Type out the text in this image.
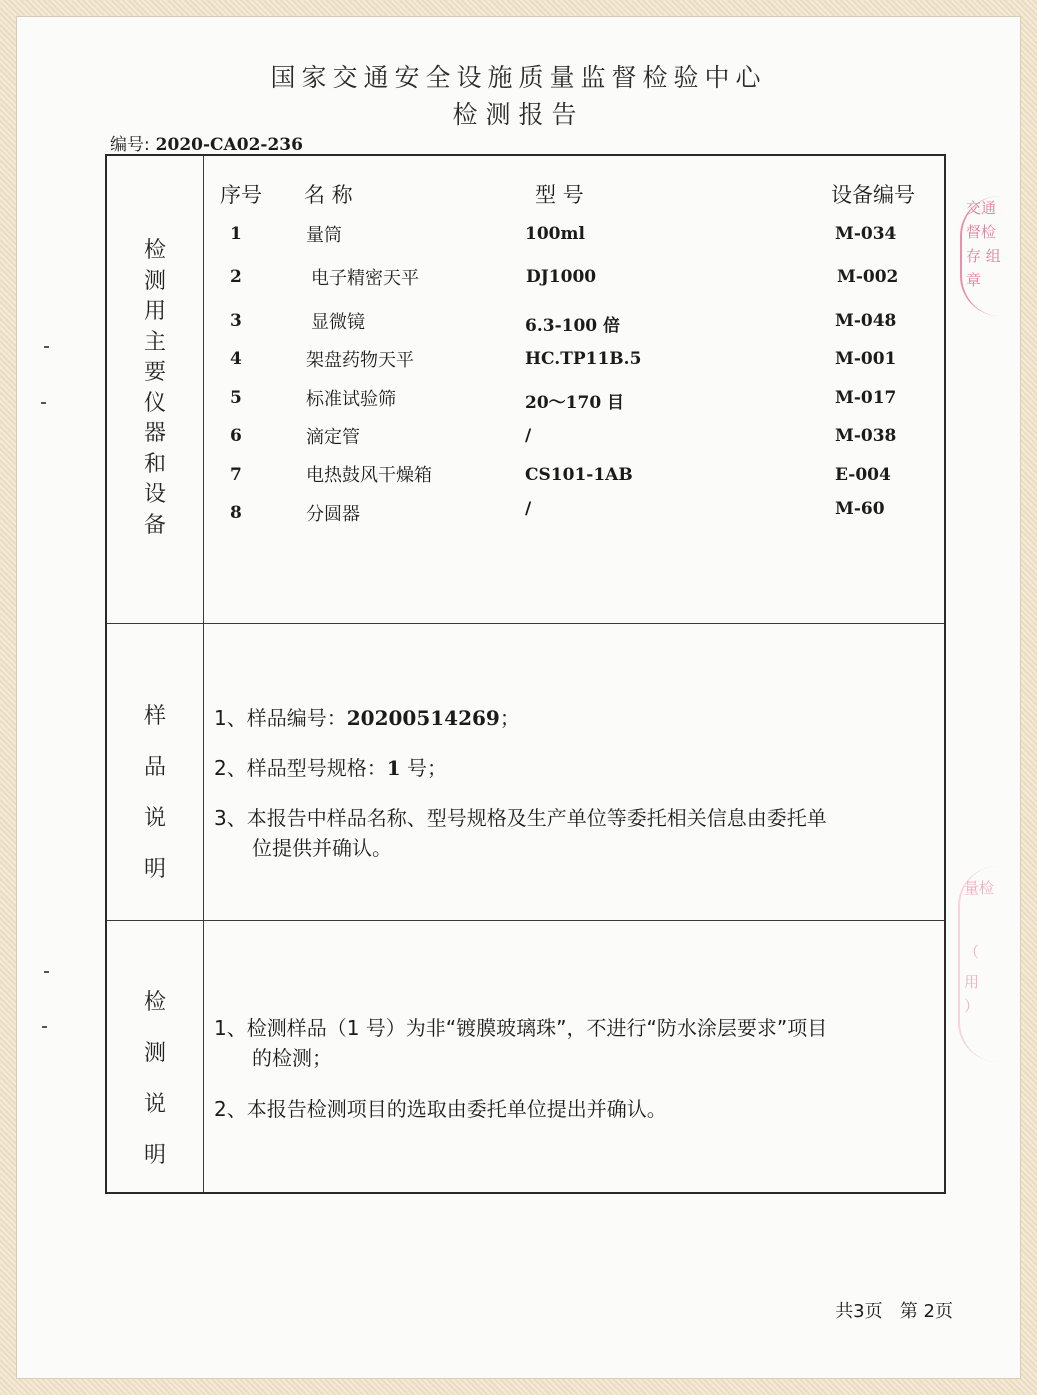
国家交通安全设施质量监督检验中心
检测报告
编号: 2020-CA02-236
检
测
用
主
要
仪
器
和
设
备
序号 名 称	型 号	设备编号
1	量筒	100ml	M-034
2	电子精密天平	DJ1000	M-002
3	显微镜	6.3-100 倍	M-048
4	架盘药物天平	HC.TP11B.5	M-001
5	标准试验筛	20～170 目	M-017
6	滴定管	/	M-038
7	电热鼓风干燥箱	CS101-1AB	E-004
8	分圆器	/	M-60
样
品
说
明
1、样品编号：20200514269；
2、样品型号规格：1 号；
3、本报告中样品名称、型号规格及生产单位等委托相关信息由委托单
位提供并确认。
检
测
说
明
1、检测样品（1 号）为非“镀膜玻璃珠”，不进行“防水涂层要求”项目
的检测；
2、本报告检测项目的选取由委托单位提出并确认。
共3页 第 2页
交通
督检
存 组
章
量检
（
用
）
